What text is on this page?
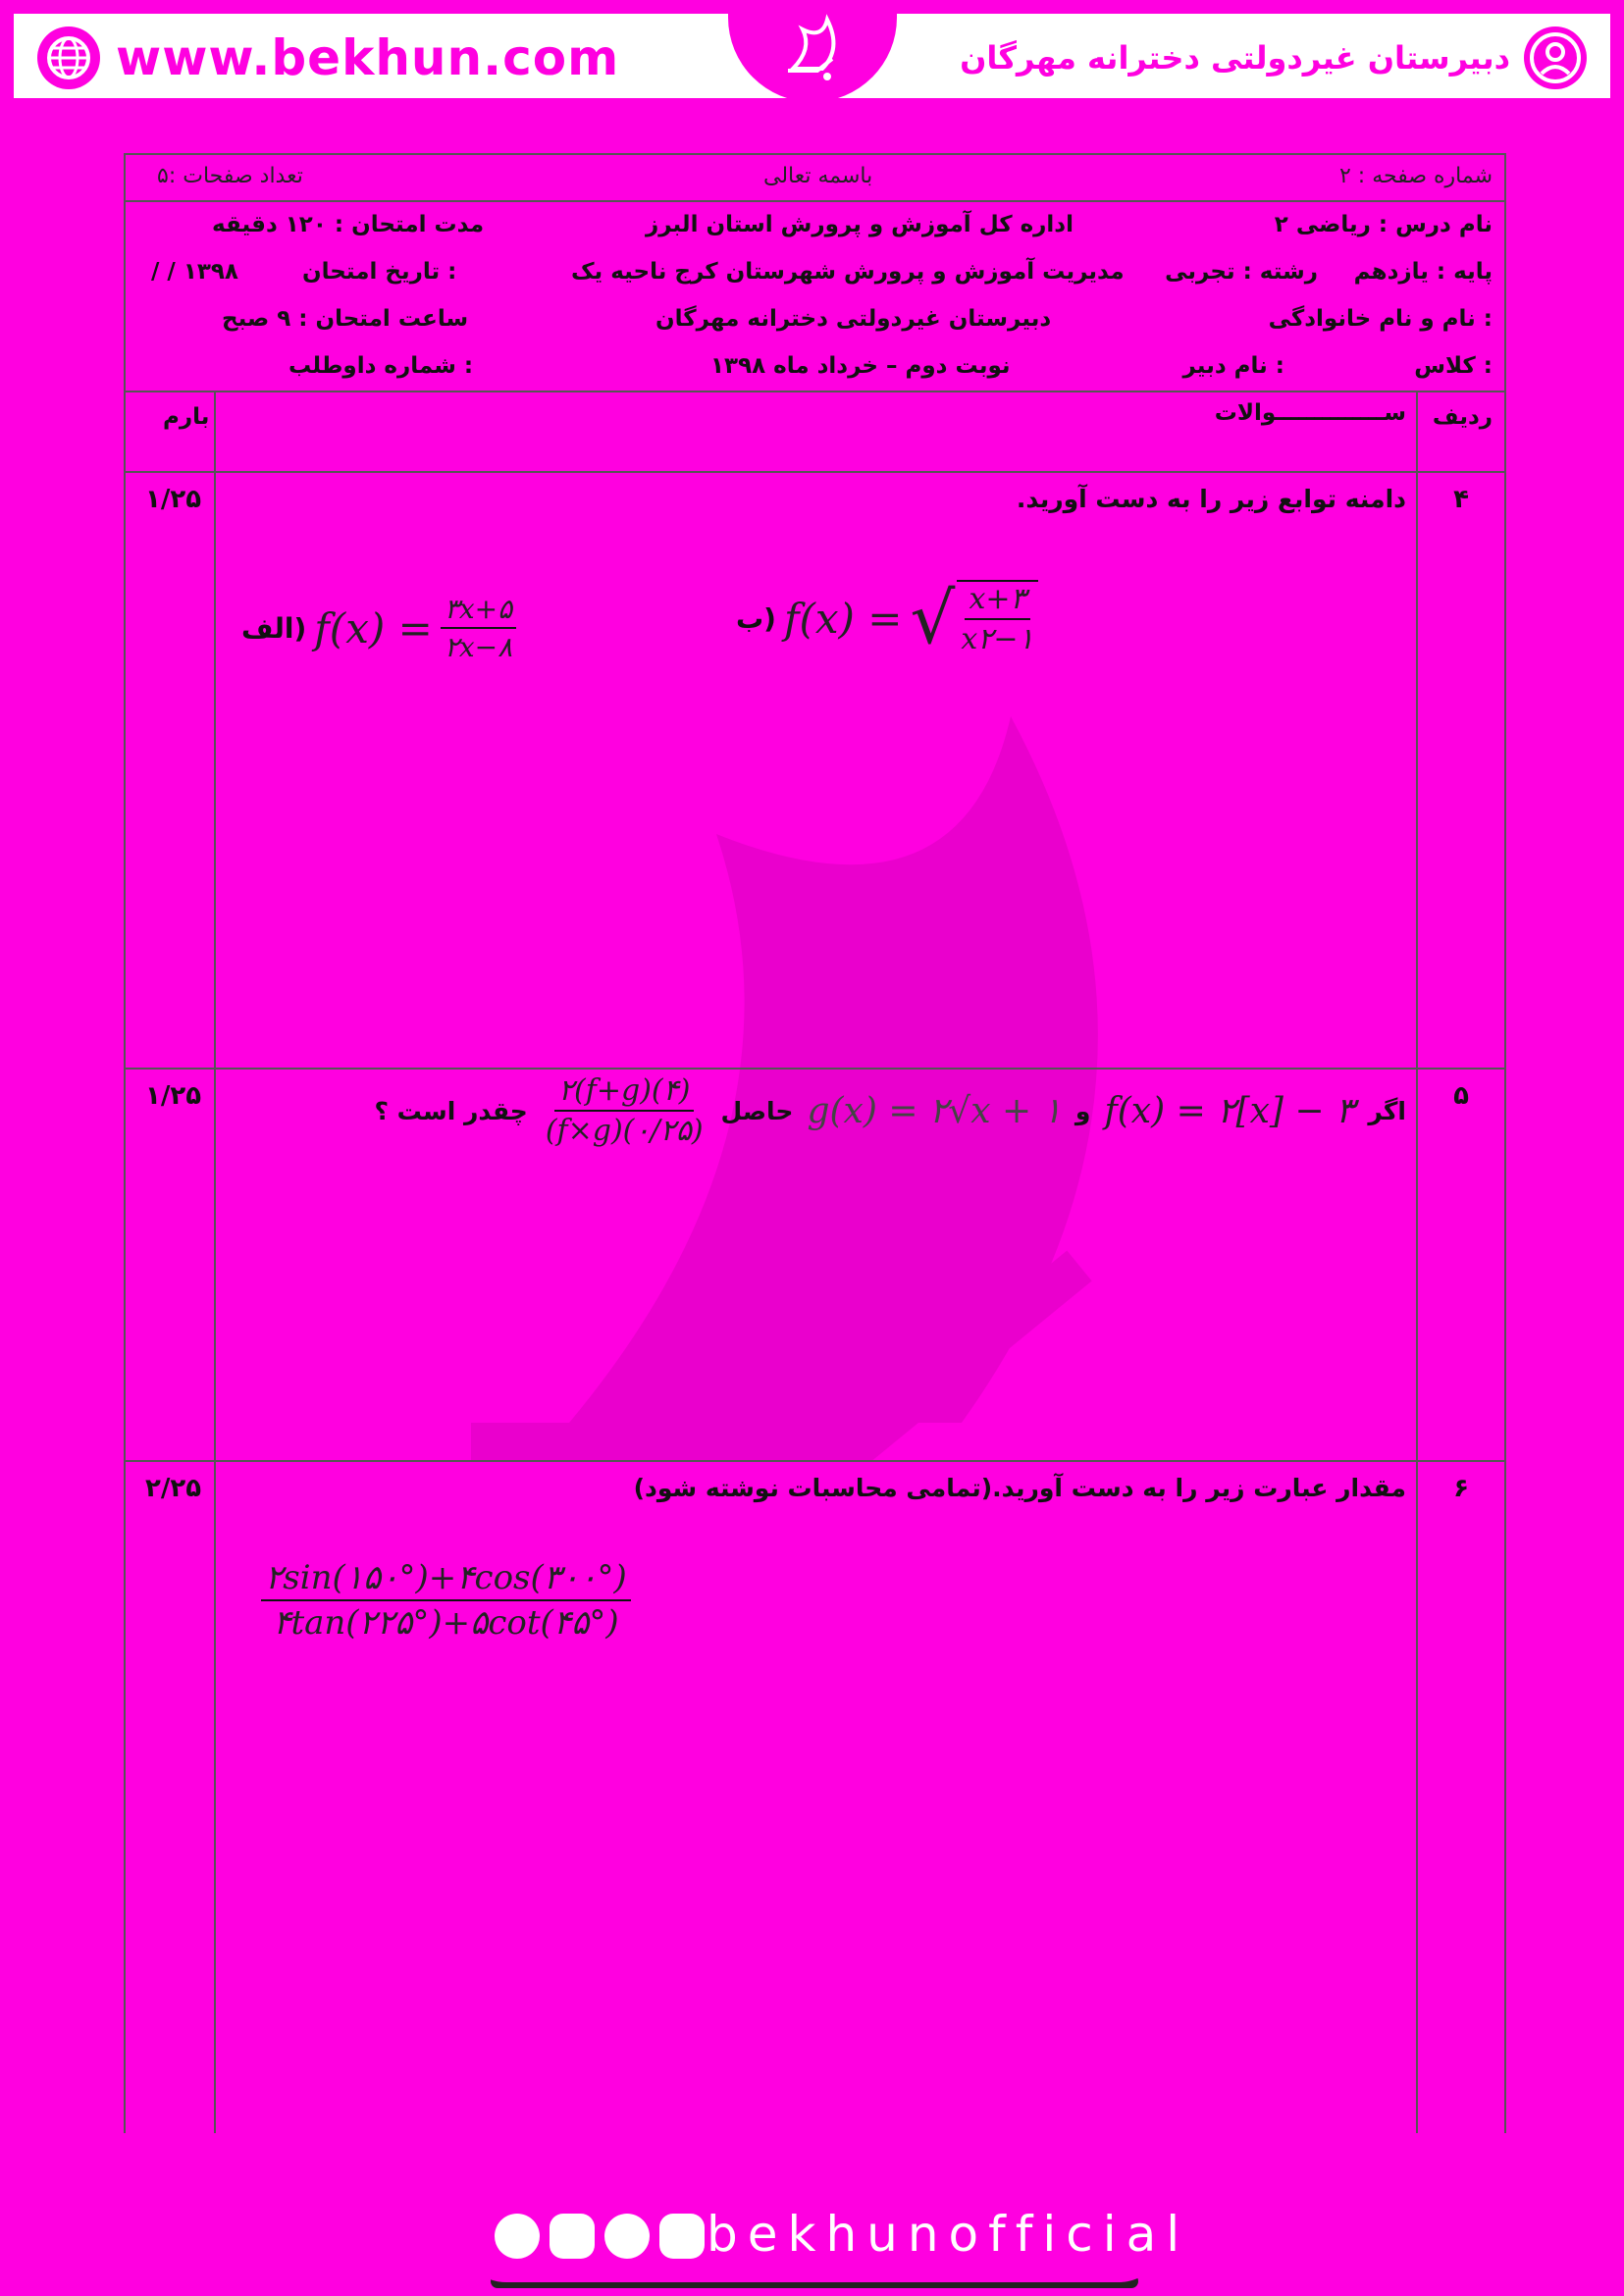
www.bekhun.com	دبیرستان غیردولتی دخترانه مهرگان
شماره صفحه : ۲
باسمه تعالی
تعداد صفحات :۵
نام درس : ریاضی ۲
پایه : یازدهم
رشته : تجربی
نام و نام خانوادگی :
کلاس :
نام دبیر :
اداره کل آموزش و پرورش استان البرز
مدیریت آموزش و پرورش شهرستان کرج ناحیه یک
دبیرستان غیردولتی دخترانه مهرگان
نوبت دوم – خرداد ماه ۱۳۹۸
مدت امتحان : ۱۲۰ دقیقه
تاریخ امتحان :
/ / ۱۳۹۸
ساعت امتحان : ۹ صبح
شماره داوطلب :
ردیف
ســــــــــــــوالات
بارم
۴
۱/۲۵	دامنه توابع زیر را به دست آورید.
الف) $f(x) = \frac{۳x+۵}{۲x-۸}$	ب) f(x) = √ $\frac{x+۳}{x۲-۱}$
۵
۱/۲۵	اگر
f(x) = ۲[x] − ۳
و
g(x) = ۲√x + ۱
حاصل
$\frac{۲(f+g)(۴)}{(f\times g)(۰/۲۵)}$
چقدر است ؟
۶
۲/۲۵	مقدار عبارت زیر را به دست آورید.(تمامی محاسبات نوشته شود)
$\frac{۲\sin(۱۵۰^\circ)+۴\cos(۳۰۰^\circ)}{۴\tan(۲۲۵^\circ)+۵\cot(۴۵^\circ)}$
bekhunofficial
